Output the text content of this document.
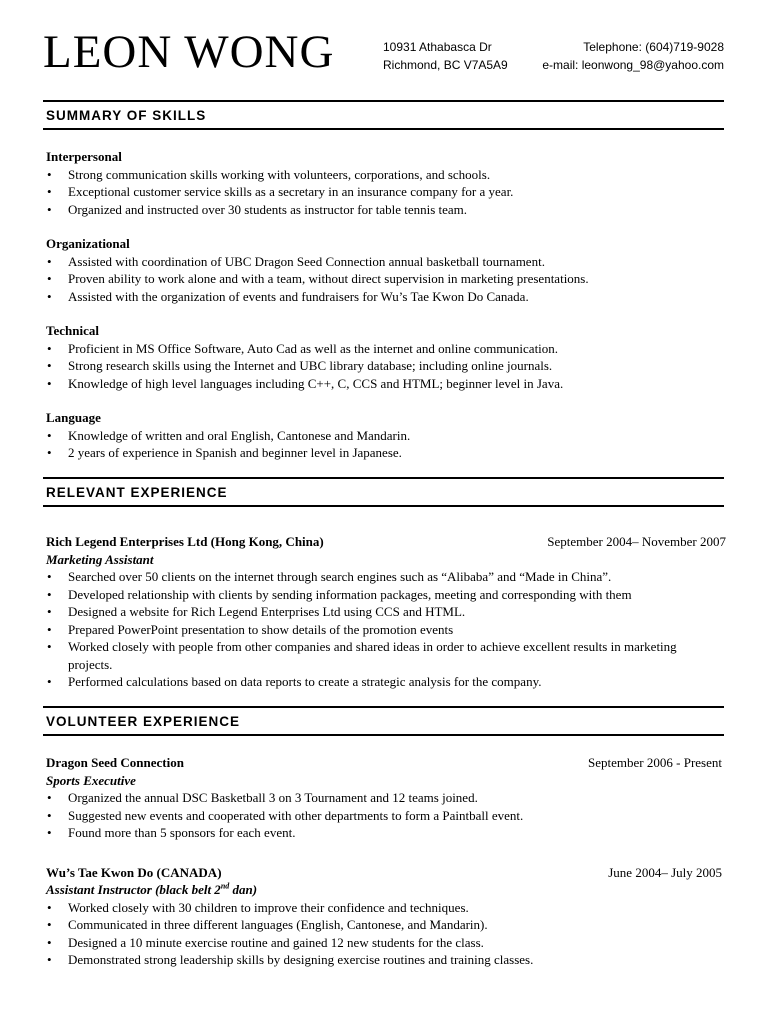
LEON WONG	10931 Athabasca Dr
Richmond, BC V7A5A9
Telephone: (604)719-9028
e-mail: leonwong_98@yahoo.com
SUMMARY OF SKILLS
Interpersonal
• Strong communication skills working with volunteers, corporations, and schools.
• Exceptional customer service skills as a secretary in an insurance company for a year.
• Organized and instructed over 30 students as instructor for table tennis team.
Organizational
• Assisted with coordination of UBC Dragon Seed Connection annual basketball tournament.
• Proven ability to work alone and with a team, without direct supervision in marketing presentations.
• Assisted with the organization of events and fundraisers for Wu’s Tae Kwon Do Canada.
Technical
• Proficient in MS Office Software, Auto Cad as well as the internet and online communication.
• Strong research skills using the Internet and UBC library database; including online journals.
• Knowledge of high level languages including C++, C, CCS and HTML; beginner level in Java.
Language
• Knowledge of written and oral English, Cantonese and Mandarin.
• 2 years of experience in Spanish and beginner level in Japanese.
RELEVANT EXPERIENCE
Rich Legend Enterprises Ltd (Hong Kong, China)	September 2004– November 2007
Marketing Assistant
• Searched over 50 clients on the internet through search engines such as “Alibaba” and “Made in China”.
• Developed relationship with clients by sending information packages, meeting and corresponding with them
• Designed a website for Rich Legend Enterprises Ltd using CCS and HTML.
• Prepared PowerPoint presentation to show details of the promotion events
• Worked closely with people from other companies and shared ideas in order to achieve excellent results in marketing projects.
• Performed calculations based on data reports to create a strategic analysis for the company.
VOLUNTEER EXPERIENCE
Dragon Seed Connection	September 2006 - Present
Sports Executive
• Organized the annual DSC Basketball 3 on 3 Tournament and 12 teams joined.
• Suggested new events and cooperated with other departments to form a Paintball event.
• Found more than 5 sponsors for each event.
Wu’s Tae Kwon Do (CANADA)	June 2004– July 2005
Assistant Instructor (black belt 2nd dan)
• Worked closely with 30 children to improve their confidence and techniques.
• Communicated in three different languages (English, Cantonese, and Mandarin).
• Designed a 10 minute exercise routine and gained 12 new students for the class.
• Demonstrated strong leadership skills by designing exercise routines and training classes.
